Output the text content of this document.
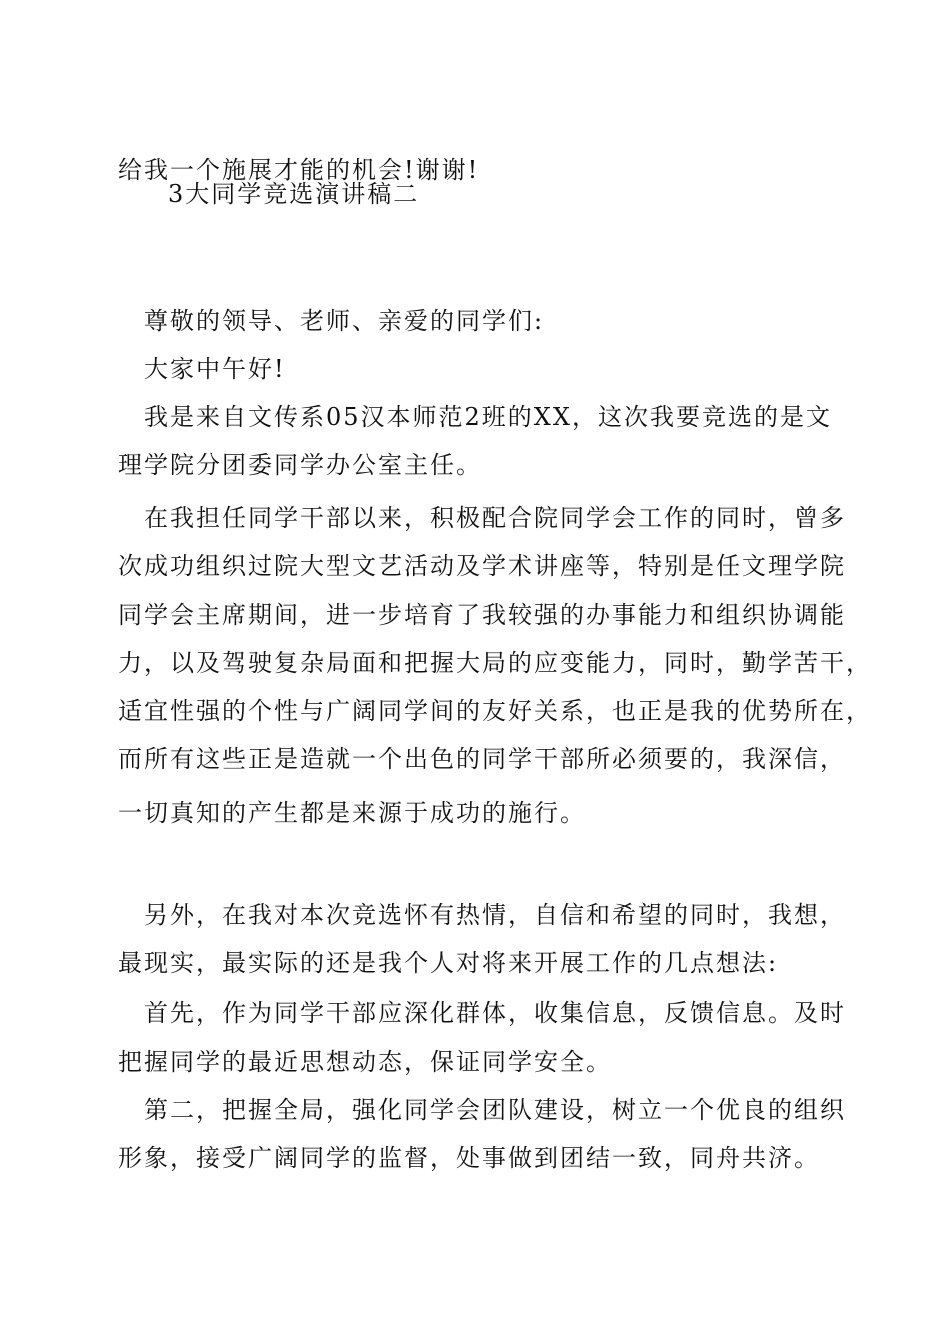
给我一个施展才能的机会!谢谢!
3大同学竞选演讲稿二
尊敬的领导、老师、亲爱的同学们:
大家中午好!
我是来自文传系05汉本师范2班的XX，这次我要竞选的是文
理学院分团委同学办公室主任。
在我担任同学干部以来，积极配合院同学会工作的同时，曾多
次成功组织过院大型文艺活动及学术讲座等，特别是任文理学院
同学会主席期间，进一步培育了我较强的办事能力和组织协调能
力，以及驾驶复杂局面和把握大局的应变能力，同时，勤学苦干，
适宜性强的个性与广阔同学间的友好关系，也正是我的优势所在，
而所有这些正是造就一个出色的同学干部所必须要的，我深信，
一切真知的产生都是来源于成功的施行。
另外，在我对本次竞选怀有热情，自信和希望的同时，我想，
最现实，最实际的还是我个人对将来开展工作的几点想法:
首先，作为同学干部应深化群体，收集信息，反馈信息。及时
把握同学的最近思想动态，保证同学安全。
第二，把握全局，强化同学会团队建设，树立一个优良的组织
形象，接受广阔同学的监督，处事做到团结一致，同舟共济。
